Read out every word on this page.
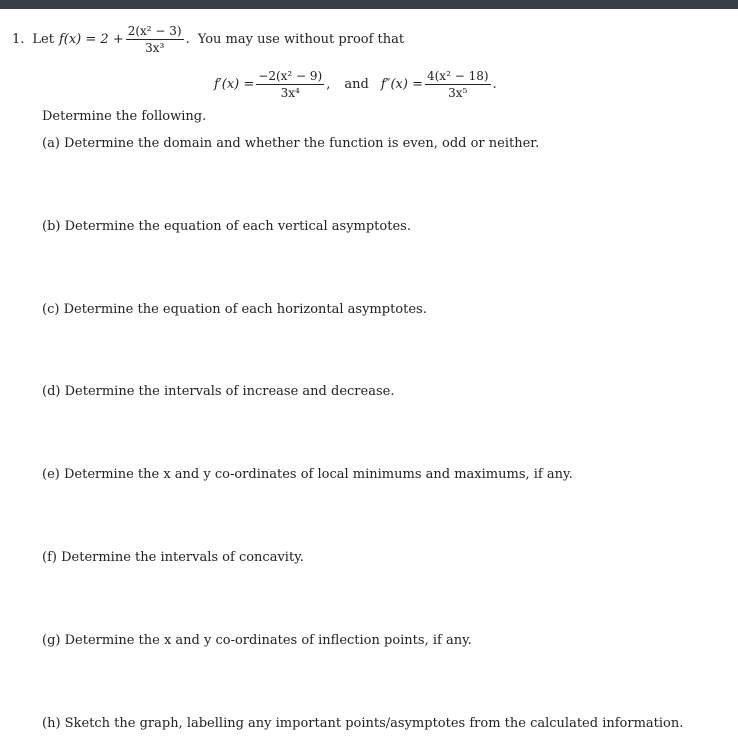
1. Let $f(x) = 2 + \frac{\text{2(x² − 3)}}{\text{3x³}}$ . You may use without proof that
$f'(x) = \frac{\text{−2(x² − 9)}}{\text{3x⁴}}$ , and $f''(x) = \frac{\text{4(x² − 18)}}{\text{3x⁵}}$ .
Determine the following.
(a) Determine the domain and whether the function is even, odd or neither.
(b) Determine the equation of each vertical asymptotes.
(c) Determine the equation of each horizontal asymptotes.
(d) Determine the intervals of increase and decrease.
(e) Determine the x and y co-ordinates of local minimums and maximums, if any.
(f) Determine the intervals of concavity.
(g) Determine the x and y co-ordinates of inflection points, if any.
(h) Sketch the graph, labelling any important points/asymptotes from the calculated information.
